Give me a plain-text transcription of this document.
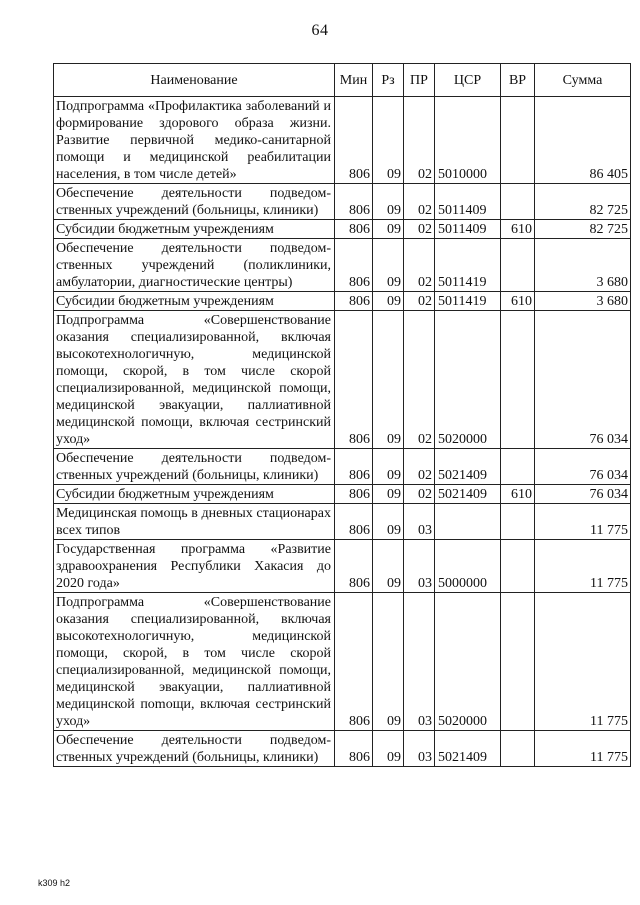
64
Наименование	Мин	Рз	ПР	ЦСР	ВР	Сумма
Подпрограмма «Профилактика заболеваний и формирование здорового образа жизни. Развитие первичной медико-санитарной помощи и медицинской реабилитации населения, в том числе детей»	806	09	02	5010000		86 405
Обеспечение деятельности подведомственных учреждений (больницы, клиники)	806	09	02	5011409		82 725
Субсидии бюджетным учреждениям	806	09	02	5011409	610	82 725
Обеспечение деятельности подведомственных учреждений (поликлиники, амбулатории, диагностические центры)	806	09	02	5011419		3 680
Субсидии бюджетным учреждениям	806	09	02	5011419	610	3 680
Подпрограмма «Совершенствование оказания специализированной, включая высокотехнологичную, медицинской помощи, скорой, в том числе скорой специализированной, медицинской помощи, медицинской эвакуации, паллиативной медицинской помощи, включая сестринский уход»	806	09	02	5020000		76 034
Обеспечение деятельности подведомственных учреждений (больницы, клиники)	806	09	02	5021409		76 034
Субсидии бюджетным учреждениям	806	09	02	5021409	610	76 034
Медицинская помощь в дневных стационарах всех типов	806	09	03			11 775
Государственная программа «Развитие здравоохранения Республики Хакасия до 2020 года»	806	09	03	5000000		11 775
Подпрограмма «Совершенствование оказания специализированной, включая высокотехнологичную, медицинской помощи, скорой, в том числе скорой специализированной, медицинской помощи, медицинской эвакуации, паллиативной медицинской поmощи, включая сестринский уход»	806	09	03	5020000		11 775
Обеспечение деятельности подведомственных учреждений (больницы, клиники)	806	09	03	5021409		11 775
k309 h2
